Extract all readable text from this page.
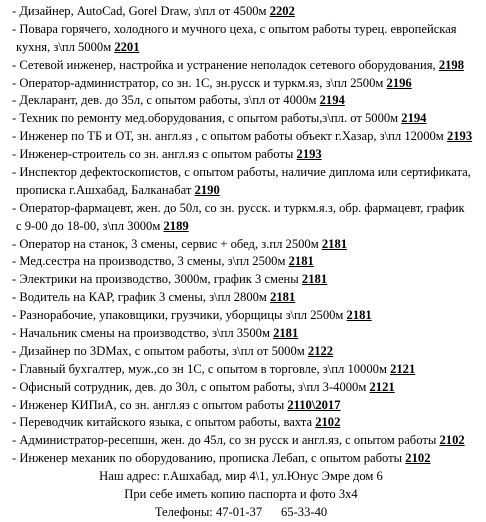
- Дизайнер, AutoCad, Gorel Draw, з\пл от 4500м 2202
- Повара горячего, холодного и мучного цеха, с опытом работы турец. европейская
кухня, з\пл 5000м 2201
- Сетевой инженер, настройка и устранение неполадок сетевого оборудования, 2198
- Оператор-администратор, со зн. 1С, зн.русск и туркм.яз, з\пл 2500м 2196
- Декларант, дев. до 35л, с опытом работы, з\пл от 4000м 2194
- Техник по ремонту мед.оборудования, с опытом работы,з\пл. от 5000м 2194
- Инженер по ТБ и ОТ, зн. англ.яз , с опытом работы объект г.Хазар, з\пл 12000м 2193
- Инженер-строитель со зн. англ.яз с опытом работы 2193
- Инспектор дефектоскопистов, с опытом работы, наличие диплома или сертификата,
прописка г.Ашхабад, Балканабат 2190
- Оператор-фармацевт, жен. до 50л, со зн. русск. и туркм.я.з, обр. фармацевт, график
с 9-00 до 18-00, з\пл 3000м 2189
- Оператор на станок, 3 смены, сервис + обед, з.пл 2500м 2181
- Мед.сестра на производство, 3 смены, з\пл 2500м 2181
- Электрики на производство, 3000м, график 3 смены 2181
- Водитель на КАР, график 3 смены, з\пл 2800м 2181
- Разнорабочие, упаковщики, грузчики, уборщицы з\пл 2500м 2181
- Начальник смены на производство, з\пл 3500м 2181
- Дизайнер по 3DMax, с опытом работы, з\пл от 5000м 2122
- Главный бухгалтер, муж.,со зн 1С, с опытом в торговле, з\пл 10000м 2121
- Офисный сотрудник, дев. до 30л, с опытом работы, з\пл 3-4000м 2121
- Инженер КИПиА, со зн. англ.яз с опытом работы 2110\2017
- Переводчик китайского языка, с опытом работы, вахта 2102
- Администратор-ресепшн, жен. до 45л, со зн русск и англ.яз, с опытом работы 2102
- Инженер механик по оборудованию, прописка Лебап, с опытом работы 2102
Наш адрес: г.Ашхабад, мир 4\1, ул.Юнус Эмре дом 6
При себе иметь копию паспорта и фото 3х4
Телефоны: 47-01-37      65-33-40
